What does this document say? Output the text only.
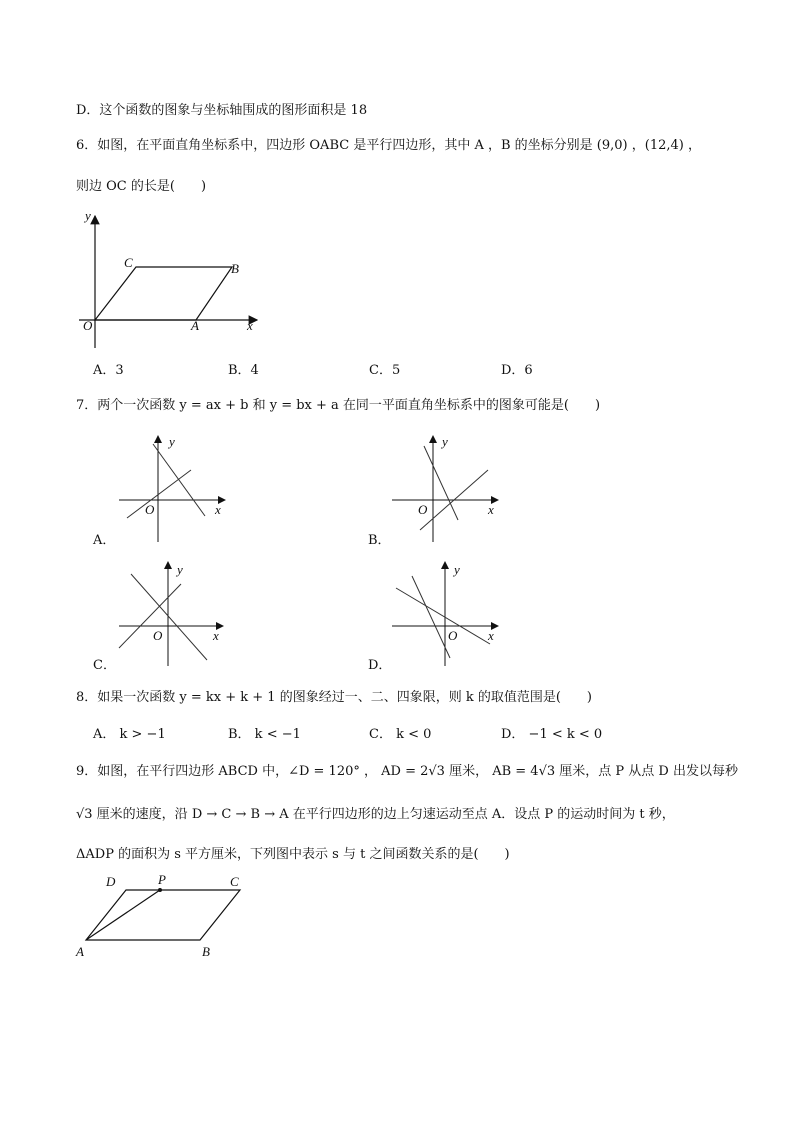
D．这个函数的图象与坐标轴围成的图形面积是 18
6．如图，在平面直角坐标系中，四边形 OABC 是平行四边形，其中 A ，B 的坐标分别是 (9,0) ，(12,4) ，
则边 OC 的长是(　　)
y
x
O	A
B
C
A．3	B．4	C．5	D．6
7．两个一次函数 y = ax + b 和 y = bx + a 在同一平面直角坐标系中的图象可能是(　　)
y
x
O
A．
y
x
O
B．
y
x
O
C．
y
x
O
D．
8．如果一次函数 y = kx + k + 1 的图象经过一、二、四象限，则 k 的取值范围是(　　)
A． k > −1	B． k < −1	C． k < 0	D． −1 < k < 0
9．如图，在平行四边形 ABCD 中，∠D = 120° ， AD = 2√3 厘米， AB = 4√3 厘米，点 P 从点 D 出发以每秒
√3 厘米的速度，沿 D → C → B → A 在平行四边形的边上匀速运动至点 A．设点 P 的运动时间为 t 秒，
ΔADP 的面积为 s 平方厘米，下列图中表示 s 与 t 之间函数关系的是(　　)
A	B
C
D	P
